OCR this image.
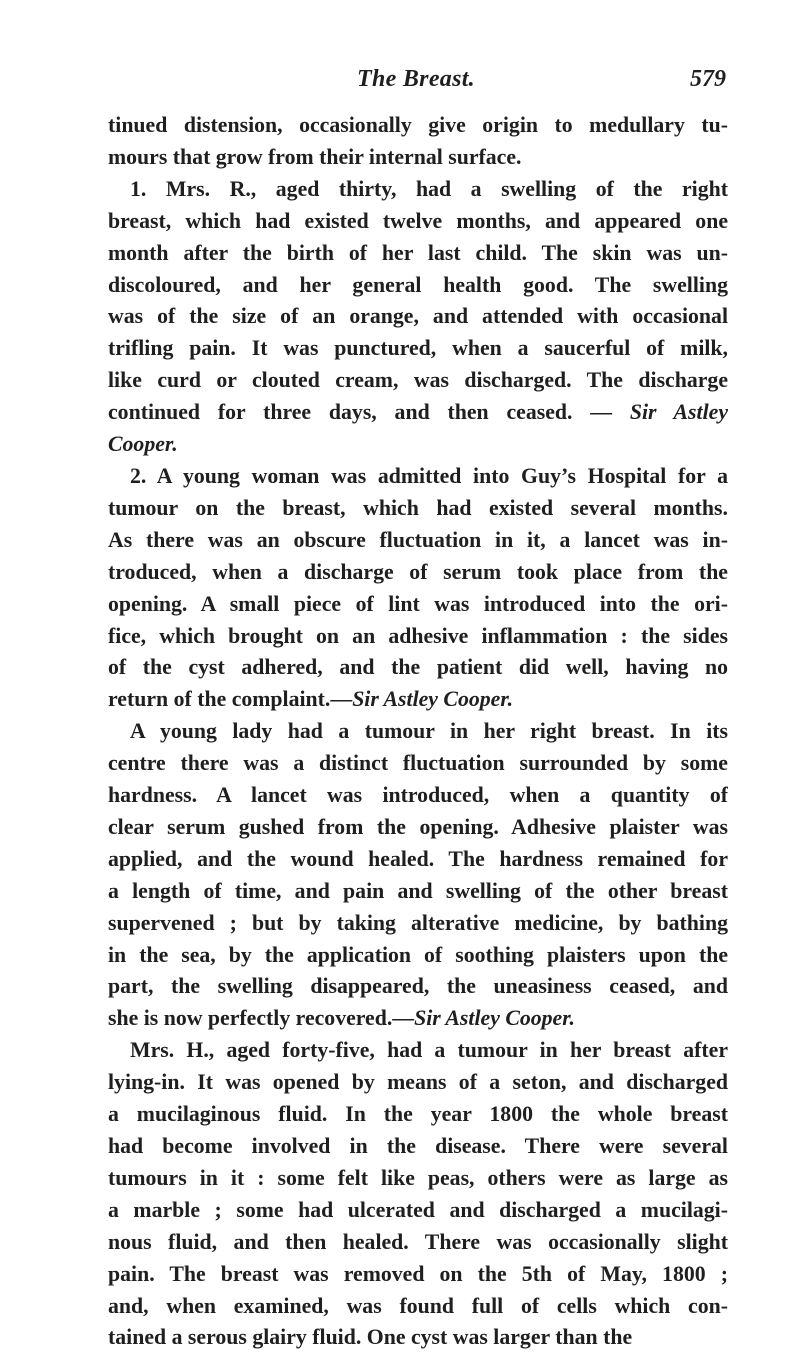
The Breast.	579
tinued distension, occasionally give origin to medullary tu-
mours that grow from their internal surface.
1. Mrs. R., aged thirty, had a swelling of the right
breast, which had existed twelve months, and appeared one
month after the birth of her last child. The skin was un-
discoloured, and her general health good. The swelling
was of the size of an orange, and attended with occasional
trifling pain. It was punctured, when a saucerful of milk,
like curd or clouted cream, was discharged. The discharge
continued for three days, and then ceased. — Sir Astley
Cooper.
2. A young woman was admitted into Guy’s Hospital for a
tumour on the breast, which had existed several months.
As there was an obscure fluctuation in it, a lancet was in-
troduced, when a discharge of serum took place from the
opening. A small piece of lint was introduced into the ori-
fice, which brought on an adhesive inflammation : the sides
of the cyst adhered, and the patient did well, having no
return of the complaint.—Sir Astley Cooper.
A young lady had a tumour in her right breast. In its
centre there was a distinct fluctuation surrounded by some
hardness. A lancet was introduced, when a quantity of
clear serum gushed from the opening. Adhesive plaister was
applied, and the wound healed. The hardness remained for
a length of time, and pain and swelling of the other breast
supervened ; but by taking alterative medicine, by bathing
in the sea, by the application of soothing plaisters upon the
part, the swelling disappeared, the uneasiness ceased, and
she is now perfectly recovered.—Sir Astley Cooper.
Mrs. H., aged forty-five, had a tumour in her breast after
lying-in. It was opened by means of a seton, and discharged
a mucilaginous fluid. In the year 1800 the whole breast
had become involved in the disease. There were several
tumours in it : some felt like peas, others were as large as
a marble ; some had ulcerated and discharged a mucilagi-
nous fluid, and then healed. There was occasionally slight
pain. The breast was removed on the 5th of May, 1800 ;
and, when examined, was found full of cells which con-
tained a serous glairy fluid. One cyst was larger than the
